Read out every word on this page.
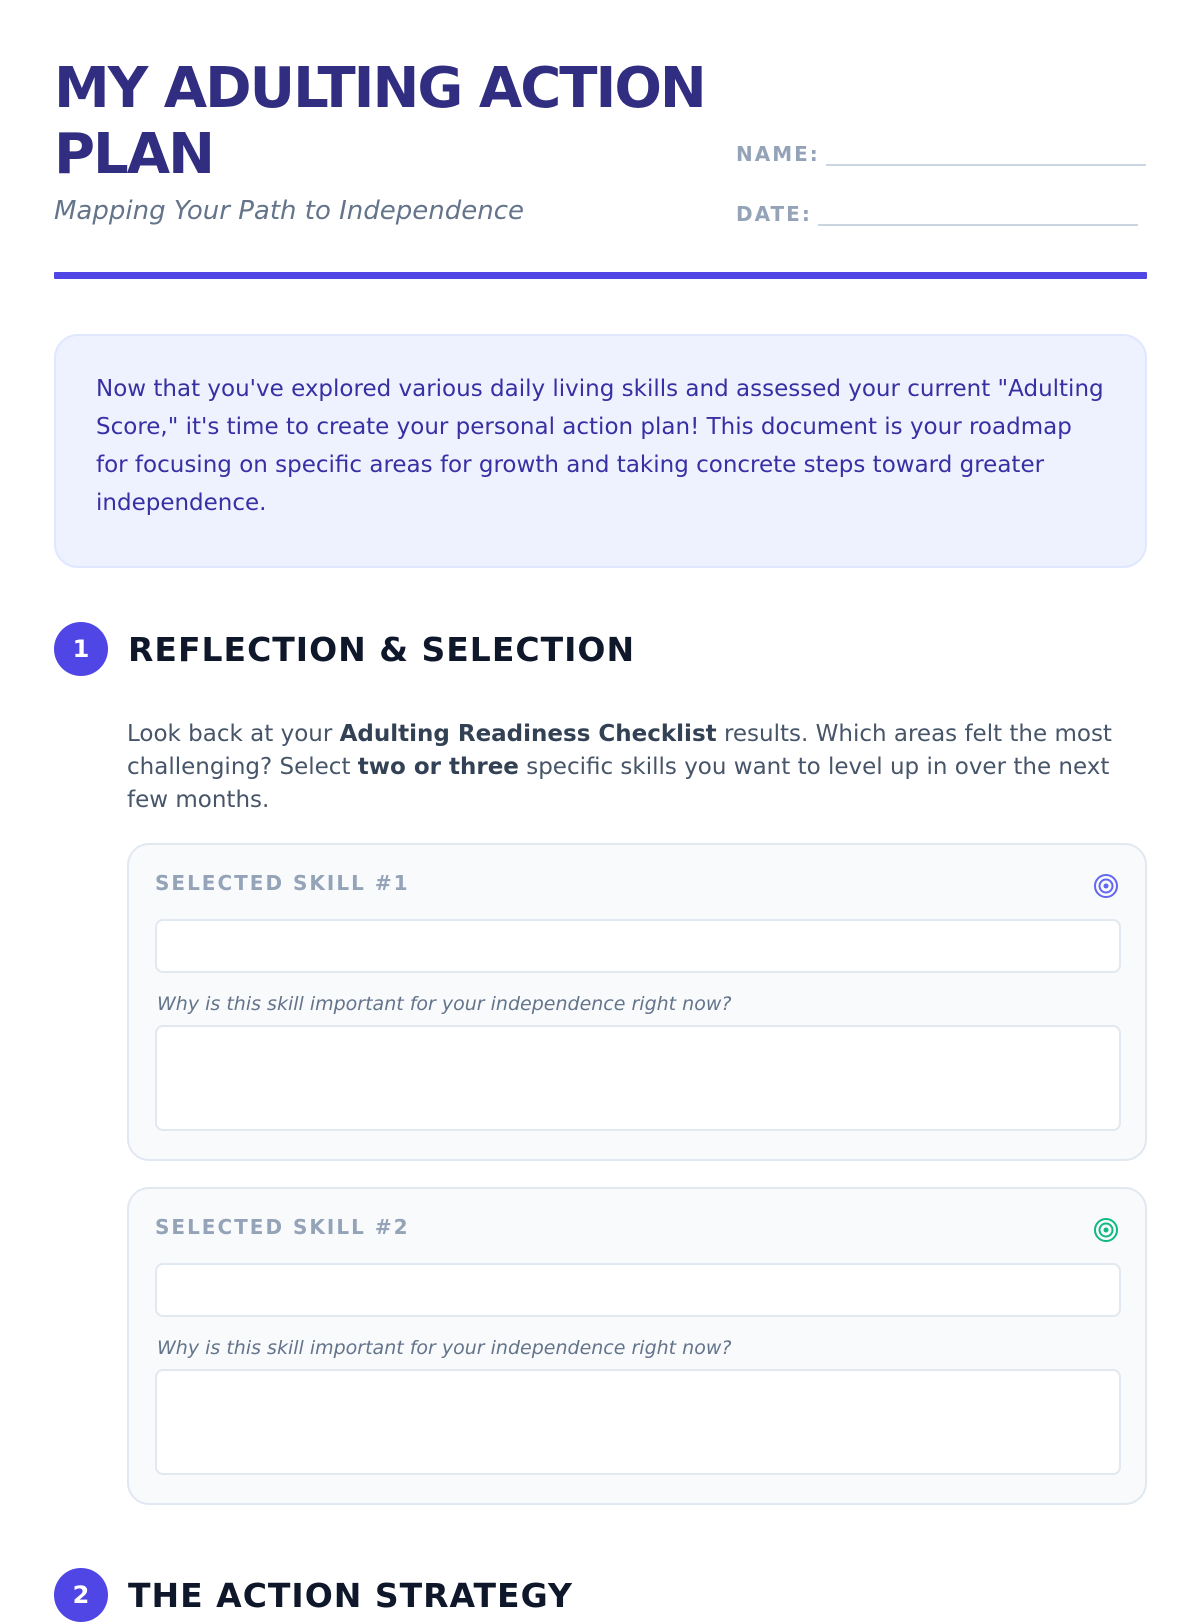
MY ADULTING ACTION PLAN

Mapping Your Path to Independence

NAME:
DATE:

Now that you've explored various daily living skills and assessed your current "Adulting Score," it's time to create your personal action plan! This document is your roadmap for focusing on specific areas for growth and taking concrete steps toward greater independence.

1	REFLECTION & SELECTION

Look back at your Adulting Readiness Checklist results. Which areas felt the most challenging? Select two or three specific skills you want to level up in over the next few months.

SELECTED SKILL #1

Why is this skill important for your independence right now?

SELECTED SKILL #2

Why is this skill important for your independence right now?

2	THE ACTION STRATEGY
